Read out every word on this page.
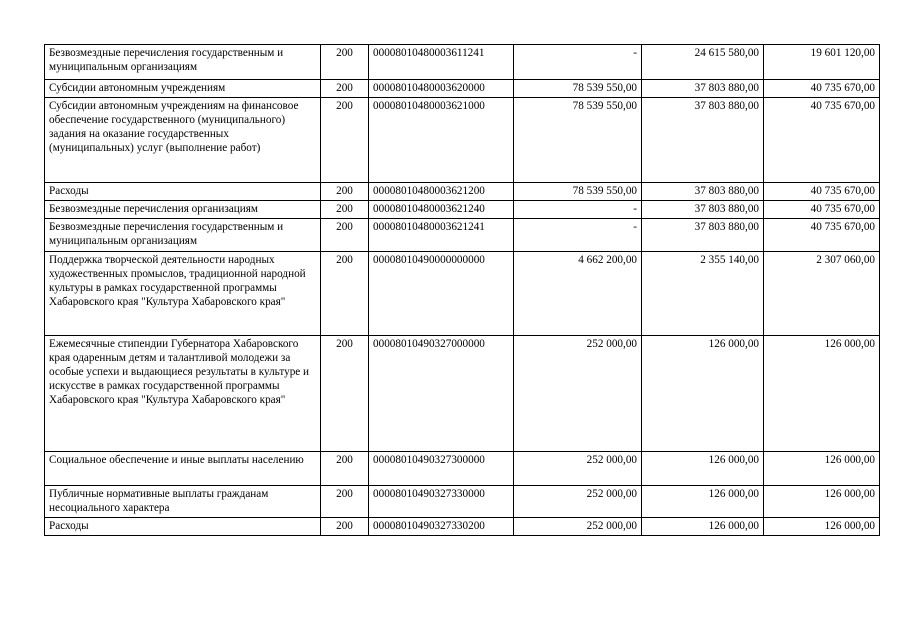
Безвозмездные перечисления государственным и муниципальным организациям	200	00008010480003611241	-	24 615 580,00	19 601 120,00
Субсидии автономным учреждениям	200	00008010480003620000	78 539 550,00	37 803 880,00	40 735 670,00
Субсидии автономным учреждениям на финансовое обеспечение государственного (муниципального) задания на оказание государственных (муниципальных) услуг (выполнение работ)	200	00008010480003621000	78 539 550,00	37 803 880,00	40 735 670,00
Расходы	200	00008010480003621200	78 539 550,00	37 803 880,00	40 735 670,00
Безвозмездные перечисления организациям	200	00008010480003621240	-	37 803 880,00	40 735 670,00
Безвозмездные перечисления государственным и муниципальным организациям	200	00008010480003621241	-	37 803 880,00	40 735 670,00
Поддержка творческой деятельности народных художественных промыслов, традиционной народной культуры в рамках государственной программы Хабаровского края "Культура Хабаровского края"	200	00008010490000000000	4 662 200,00	2 355 140,00	2 307 060,00
Ежемесячные стипендии Губернатора Хабаровского края одаренным детям и талантливой молодежи за особые успехи и выдающиеся результаты в культуре и искусстве в рамках государственной программы Хабаровского края "Культура Хабаровского края"	200	00008010490327000000	252 000,00	126 000,00	126 000,00
Социальное обеспечение и иные выплаты населению	200	00008010490327300000	252 000,00	126 000,00	126 000,00
Публичные нормативные выплаты гражданам несоциального характера	200	00008010490327330000	252 000,00	126 000,00	126 000,00
Расходы	200	00008010490327330200	252 000,00	126 000,00	126 000,00
